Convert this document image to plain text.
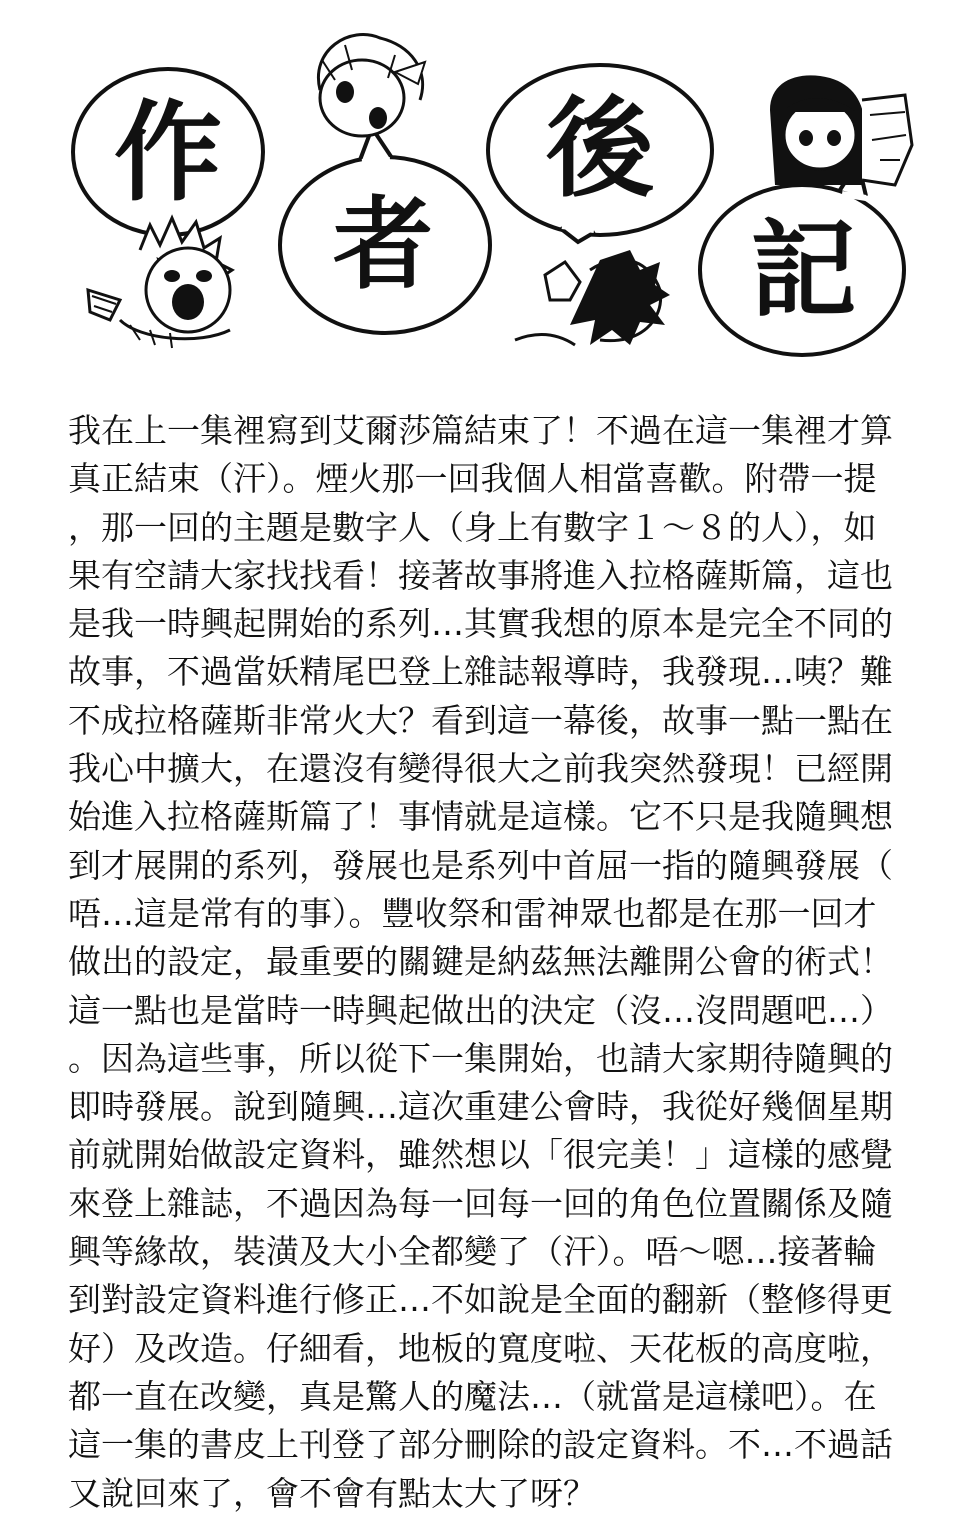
作
者
後
記
我在上一集裡寫到艾爾莎篇結束了！不過在這一集裡才算
真正結束（汗）。煙火那一回我個人相當喜歡。附帶一提
，那一回的主題是數字人（身上有數字１～８的人），如
果有空請大家找找看！接著故事將進入拉格薩斯篇，這也
是我一時興起開始的系列…其實我想的原本是完全不同的
故事，不過當妖精尾巴登上雜誌報導時，我發現…咦？難
不成拉格薩斯非常火大？看到這一幕後，故事一點一點在
我心中擴大，在還沒有變得很大之前我突然發現！已經開
始進入拉格薩斯篇了！事情就是這樣。它不只是我隨興想
到才展開的系列，發展也是系列中首屈一指的隨興發展（
唔…這是常有的事）。豐收祭和雷神眾也都是在那一回才
做出的設定，最重要的關鍵是納茲無法離開公會的術式！
這一點也是當時一時興起做出的決定（沒…沒問題吧…）
。因為這些事，所以從下一集開始，也請大家期待隨興的
即時發展。說到隨興…這次重建公會時，我從好幾個星期
前就開始做設定資料，雖然想以「很完美！」這樣的感覺
來登上雜誌，不過因為每一回每一回的角色位置關係及隨
興等緣故，裝潢及大小全都變了（汗）。唔～嗯…接著輪
到對設定資料進行修正…不如說是全面的翻新（整修得更
好）及改造。仔細看，地板的寬度啦、天花板的高度啦，
都一直在改變，真是驚人的魔法…（就當是這樣吧）。在
這一集的書皮上刊登了部分刪除的設定資料。不…不過話
又說回來了，會不會有點太大了呀？
